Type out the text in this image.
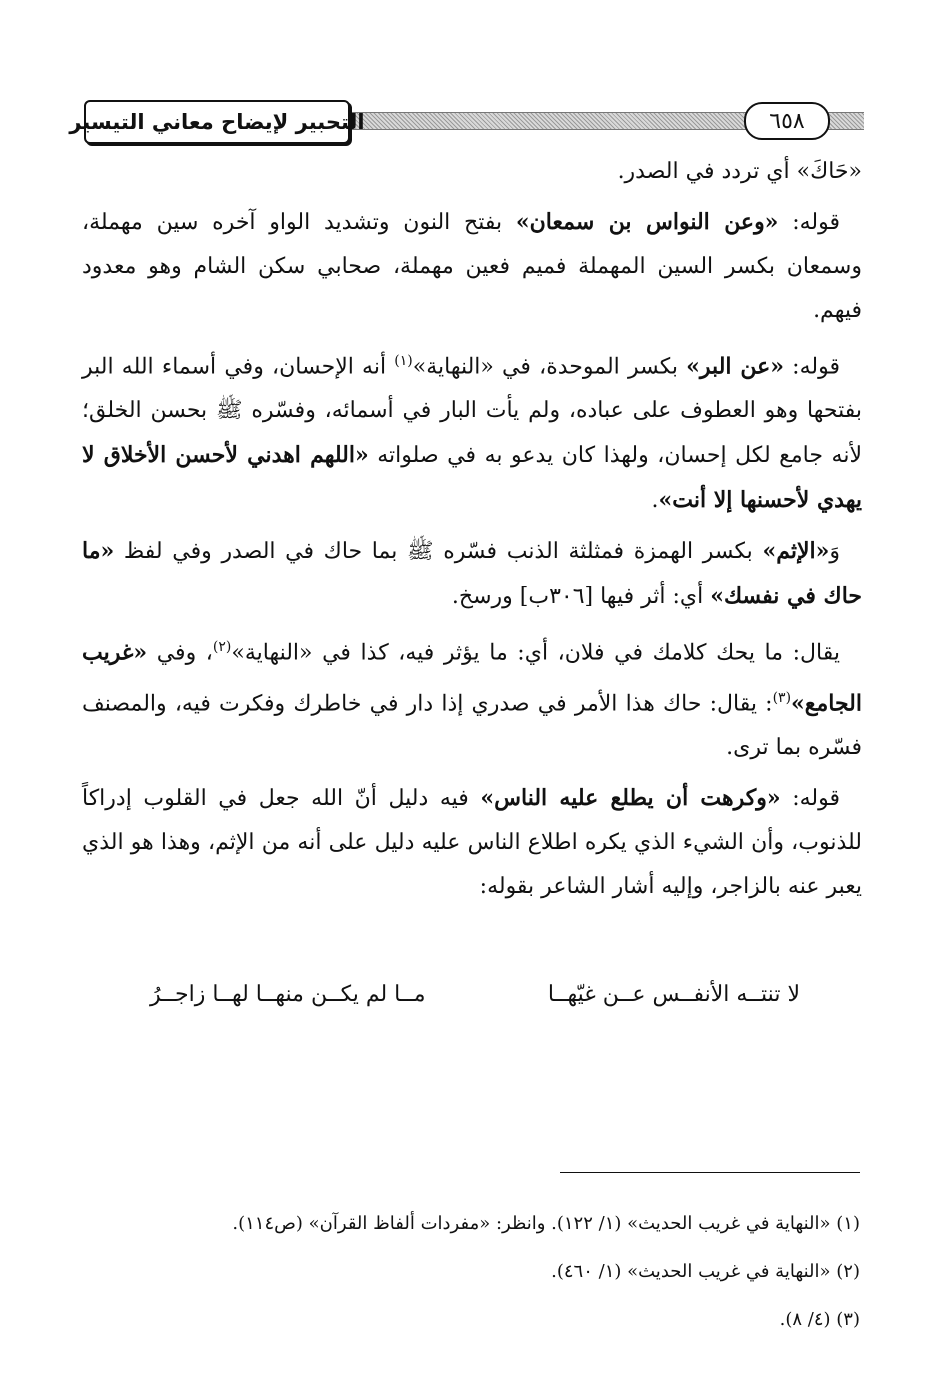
التحبير لإيضاح معاني التيسير	٦٥٨

«حَاكَ» أي تردد في الصدر.

قوله: «وعن النواس بن سمعان» بفتح النون وتشديد الواو آخره سين مهملة، وسمعان بكسر السين المهملة فميم فعين مهملة، صحابي سكن الشام وهو معدود فيهم.

قوله: «عن البر» بكسر الموحدة، في «النهاية»$^{(١)}$ أنه الإحسان، وفي أسماء الله البر بفتحها وهو العطوف على عباده، ولم يأت البار في أسمائه، وفسّره ﷺ بحسن الخلق؛ لأنه جامع لكل إحسان، ولهذا كان يدعو به في صلواته «اللهم اهدني لأحسن الأخلاق لا يهدي لأحسنها إلا أنت».

وَ«الإثم» بكسر الهمزة فمثلثة الذنب فسّره ﷺ بما حاك في الصدر وفي لفظ «ما حاك في نفسك» أي: أثر فيها [٣٠٦ب] ورسخ.

يقال: ما يحك كلامك في فلان، أي: ما يؤثر فيه، كذا في «النهاية»$^{(٢)}$، وفي «غريب الجامع»$^{(٣)}$: يقال: حاك هذا الأمر في صدري إذا دار في خاطرك وفكرت فيه، والمصنف فسّره بما ترى.

قوله: «وكرهت أن يطلع عليه الناس» فيه دليل أنّ الله جعل في القلوب إدراكاً للذنوب، وأن الشيء الذي يكره اطلاع الناس عليه دليل على أنه من الإثم، وهذا هو الذي يعبر عنه بالزاجر، وإليه أشار الشاعر بقوله:

لا تنتــه الأنفــس عــن غيّهــا
مــا لم يكــن منهــا لهــا زاجــرُ
(١) «النهاية في غريب الحديث» (١/ ١٢٢). وانظر: «مفردات ألفاظ القرآن» (ص١١٤).
(٢) «النهاية في غريب الحديث» (١/ ٤٦٠).
(٣) (٤/ ٨).
